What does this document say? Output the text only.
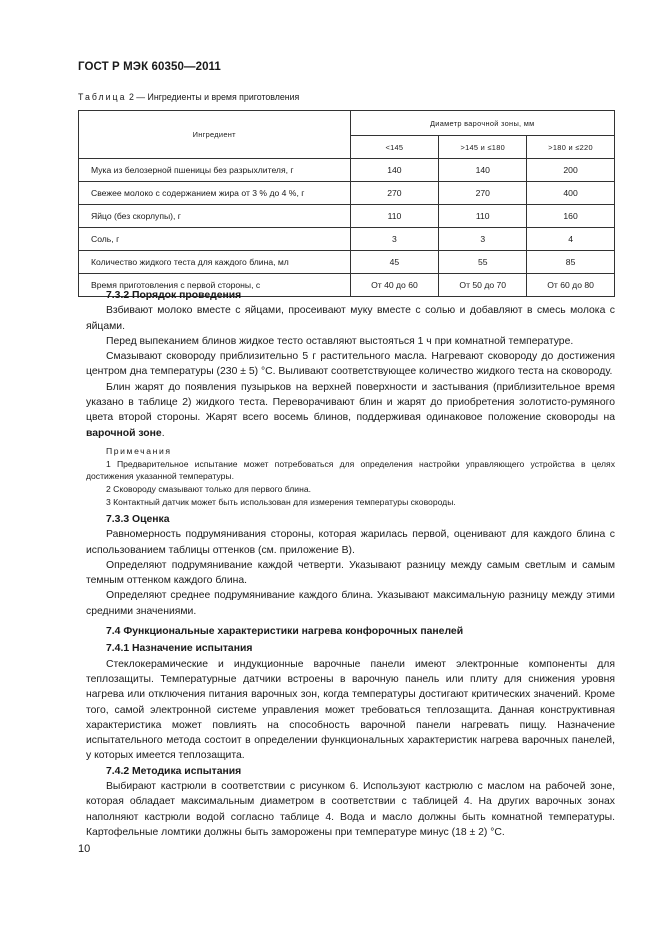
ГОСТ Р МЭК 60350—2011
Таблица 2 — Ингредиенты и время приготовления
Ингредиент	Диаметр варочной зоны, мм		
	<145	>145 и ≤180	>180 и ≤220
Мука из белозерной пшеницы без разрыхлителя, г	140	140	200
Свежее молоко с содержанием жира от 3 % до 4 %, г	270	270	400
Яйцо (без скорлупы), г	110	110	160
Соль, г	3	3	4
Количество жидкого теста для каждого блина, мл	45	55	85
Время приготовления с первой стороны, с	От 40 до 60	От 50 до 70	От 60 до 80
7.3.2 Порядок проведения

Взбивают молоко вместе с яйцами, просеивают муку вместе с солью и добавляют в смесь молока с яйцами.

Перед выпеканием блинов жидкое тесто оставляют выстояться 1 ч при комнатной температуре.

Смазывают сковороду приблизительно 5 г растительного масла. Нагревают сковороду до достижения центром дна температуры (230 ± 5) °С. Выливают соответствующее количество жидкого теста на сковороду.

Блин жарят до появления пузырьков на верхней поверхности и застывания (приблизительное время указано в таблице 2) жидкого теста. Переворачивают блин и жарят до приобретения золотисто-румяного цвета второй стороны. Жарят всего восемь блинов, поддерживая одинаковое положение сковороды на варочной зоне.

Примечания

1 Предварительное испытание может потребоваться для определения настройки управляющего устройства в целях достижения указанной температуры.

2 Сковороду смазывают только для первого блина.

3 Контактный датчик может быть использован для измерения температуры сковороды.

7.3.3 Оценка

Равномерность подрумянивания стороны, которая жарилась первой, оценивают для каждого блина с использованием таблицы оттенков (см. приложение В).

Определяют подрумянивание каждой четверти. Указывают разницу между самым светлым и самым темным оттенком каждого блина.

Определяют среднее подрумянивание каждого блина. Указывают максимальную разницу между этими средними значениями.

7.4 Функциональные характеристики нагрева конфорочных панелей
7.4.1 Назначение испытания

Стеклокерамические и индукционные варочные панели имеют электронные компоненты для теплозащиты. Температурные датчики встроены в варочную панель или плиту для снижения уровня нагрева или отключения питания варочных зон, когда температуры достигают критических значений. Кроме того, самой электронной системе управления может требоваться теплозащита. Данная конструктивная характеристика может повлиять на способность варочной панели нагревать пищу. Назначение испытательного метода состоит в определении функциональных характеристик нагрева варочных панелей, у которых имеется теплозащита.

7.4.2 Методика испытания

Выбирают кастрюли в соответствии с рисунком 6. Используют кастрюлю с маслом на рабочей зоне, которая обладает максимальным диаметром в соответствии с таблицей 4. На других варочных зонах наполняют кастрюли водой согласно таблице 4. Вода и масло должны быть комнатной температуры. Картофельные ломтики должны быть заморожены при температуре минус (18 ± 2) °С.

10
